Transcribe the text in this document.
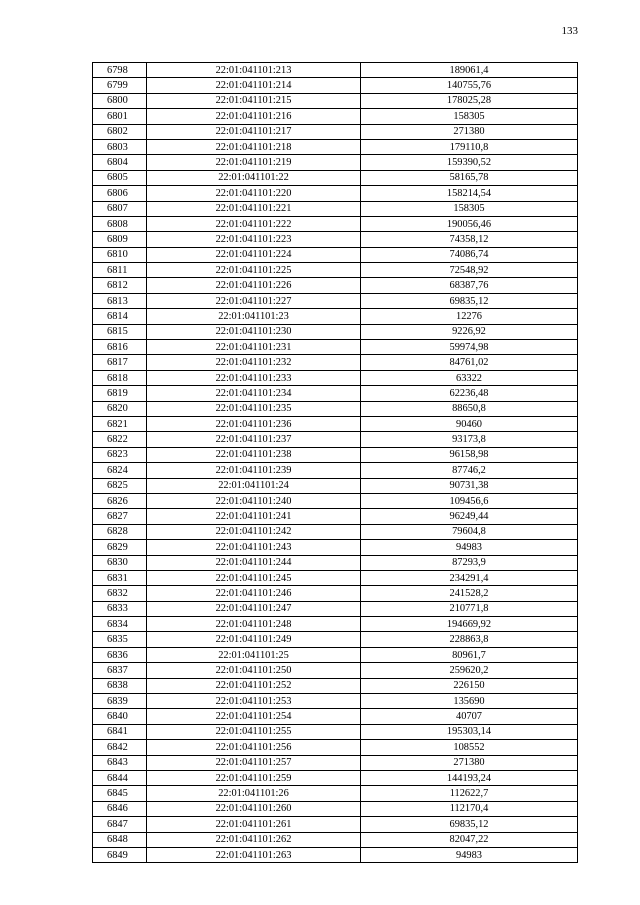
133
6798	22:01:041101:213	189061,4
6799	22:01:041101:214	140755,76
6800	22:01:041101:215	178025,28
6801	22:01:041101:216	158305
6802	22:01:041101:217	271380
6803	22:01:041101:218	179110,8
6804	22:01:041101:219	159390,52
6805	22:01:041101:22	58165,78
6806	22:01:041101:220	158214,54
6807	22:01:041101:221	158305
6808	22:01:041101:222	190056,46
6809	22:01:041101:223	74358,12
6810	22:01:041101:224	74086,74
6811	22:01:041101:225	72548,92
6812	22:01:041101:226	68387,76
6813	22:01:041101:227	69835,12
6814	22:01:041101:23	12276
6815	22:01:041101:230	9226,92
6816	22:01:041101:231	59974,98
6817	22:01:041101:232	84761,02
6818	22:01:041101:233	63322
6819	22:01:041101:234	62236,48
6820	22:01:041101:235	88650,8
6821	22:01:041101:236	90460
6822	22:01:041101:237	93173,8
6823	22:01:041101:238	96158,98
6824	22:01:041101:239	87746,2
6825	22:01:041101:24	90731,38
6826	22:01:041101:240	109456,6
6827	22:01:041101:241	96249,44
6828	22:01:041101:242	79604,8
6829	22:01:041101:243	94983
6830	22:01:041101:244	87293,9
6831	22:01:041101:245	234291,4
6832	22:01:041101:246	241528,2
6833	22:01:041101:247	210771,8
6834	22:01:041101:248	194669,92
6835	22:01:041101:249	228863,8
6836	22:01:041101:25	80961,7
6837	22:01:041101:250	259620,2
6838	22:01:041101:252	226150
6839	22:01:041101:253	135690
6840	22:01:041101:254	40707
6841	22:01:041101:255	195303,14
6842	22:01:041101:256	108552
6843	22:01:041101:257	271380
6844	22:01:041101:259	144193,24
6845	22:01:041101:26	112622,7
6846	22:01:041101:260	112170,4
6847	22:01:041101:261	69835,12
6848	22:01:041101:262	82047,22
6849	22:01:041101:263	94983
